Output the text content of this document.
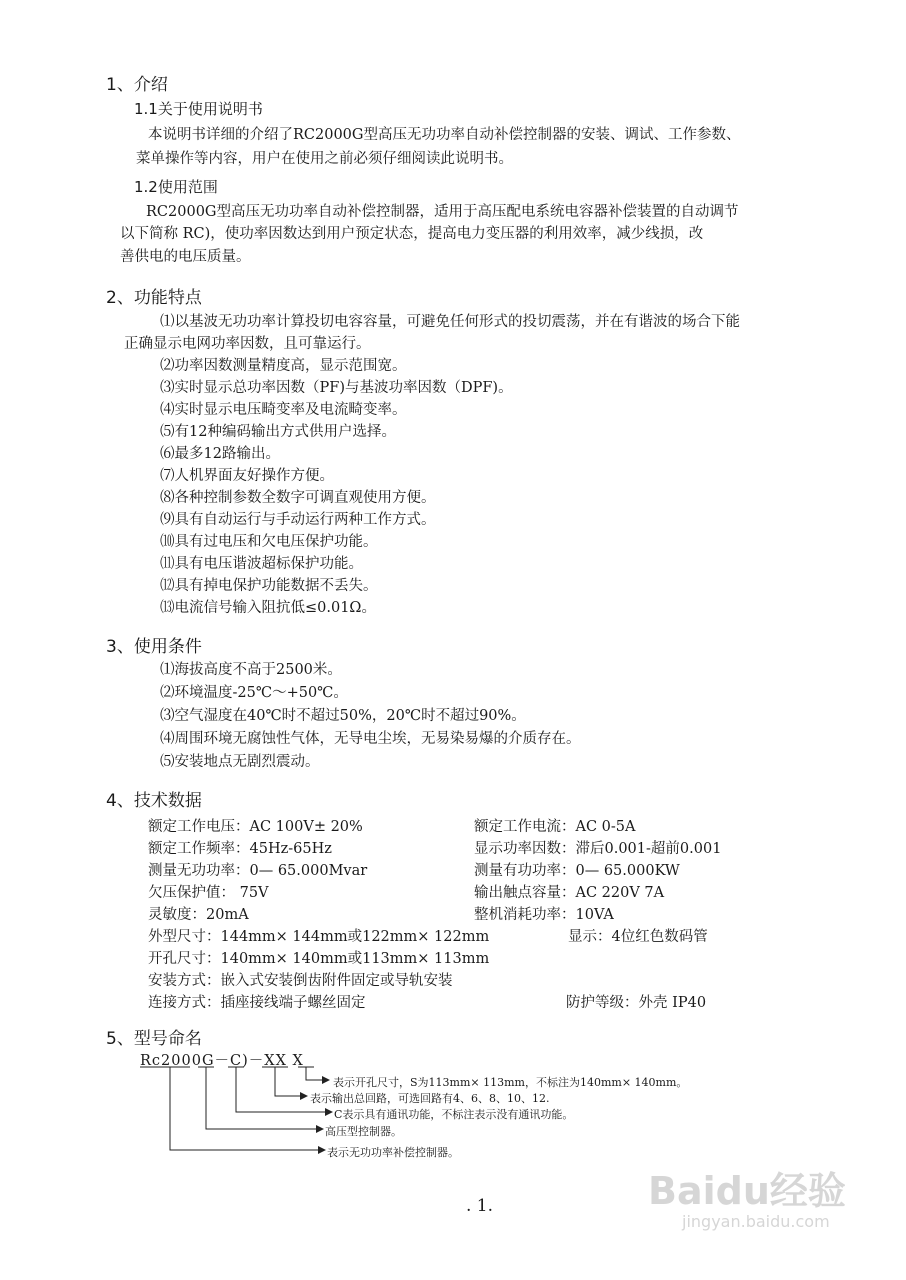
1、介绍
1.1关于使用说明书
本说明书详细的介绍了RC2000G型高压无功功率自动补偿控制器的安装、调试、工作参数、
菜单操作等内容，用户在使用之前必须仔细阅读此说明书。
1.2使用范围
RC2000G型高压无功功率自动补偿控制器，适用于高压配电系统电容器补偿装置的自动调节
以下简称 RC)，使功率因数达到用户预定状态，提高电力变压器的利用效率，减少线损，改
善供电的电压质量。
2、功能特点
⑴以基波无功功率计算投切电容容量，可避免任何形式的投切震荡，并在有谐波的场合下能
正确显示电网功率因数，且可靠运行。
⑵功率因数测量精度高，显示范围宽。
⑶实时显示总功率因数（PF)与基波功率因数（DPF)。
⑷实时显示电压畸变率及电流畸变率。
⑸有12种编码输出方式供用户选择。
⑹最多12路输出。
⑺人机界面友好操作方便。
⑻各种控制参数全数字可调直观使用方便。
⑼具有自动运行与手动运行两种工作方式。
⑽具有过电压和欠电压保护功能。
⑾具有电压谐波超标保护功能。
⑿具有掉电保护功能数据不丢失。
⒀电流信号输入阻抗低≤0.01Ω。
3、使用条件
⑴海拔高度不高于2500米。
⑵环境温度-25℃～+50℃。
⑶空气湿度在40℃时不超过50%，20℃时不超过90%。
⑷周围环境无腐蚀性气体，无导电尘埃，无易染易爆的介质存在。
⑸安装地点无剧烈震动。
4、技术数据
额定工作电压：AC 100V± 20%	额定工作电流：AC 0-5A
额定工作频率：45Hz-65Hz	显示功率因数：滞后0.001-超前0.001
测量无功功率：0— 65.000Mvar	测量有功功率：0— 65.000KW
欠压保护值： 75V	输出触点容量：AC 220V 7A
灵敏度：20mA	整机消耗功率：10VA
外型尺寸：144mm× 144mm或122mm× 122mm	显示：4位红色数码管
开孔尺寸：140mm× 140mm或113mm× 113mm
安装方式：嵌入式安装倒齿附件固定或导轨安装
连接方式：插座接线端子螺丝固定	防护等级：外壳 IP40
5、型号命名
Rc2000G－C)－XX X
表示开孔尺寸，S为113mm× 113mm，不标注为140mm× 140mm。
表示输出总回路，可选回路有4、6、8、10、12.
C表示具有通讯功能，不标注表示没有通讯功能。
高压型控制器。
表示无功功率补偿控制器。
. 1.	Baidu经验
jingyan.baidu.com
